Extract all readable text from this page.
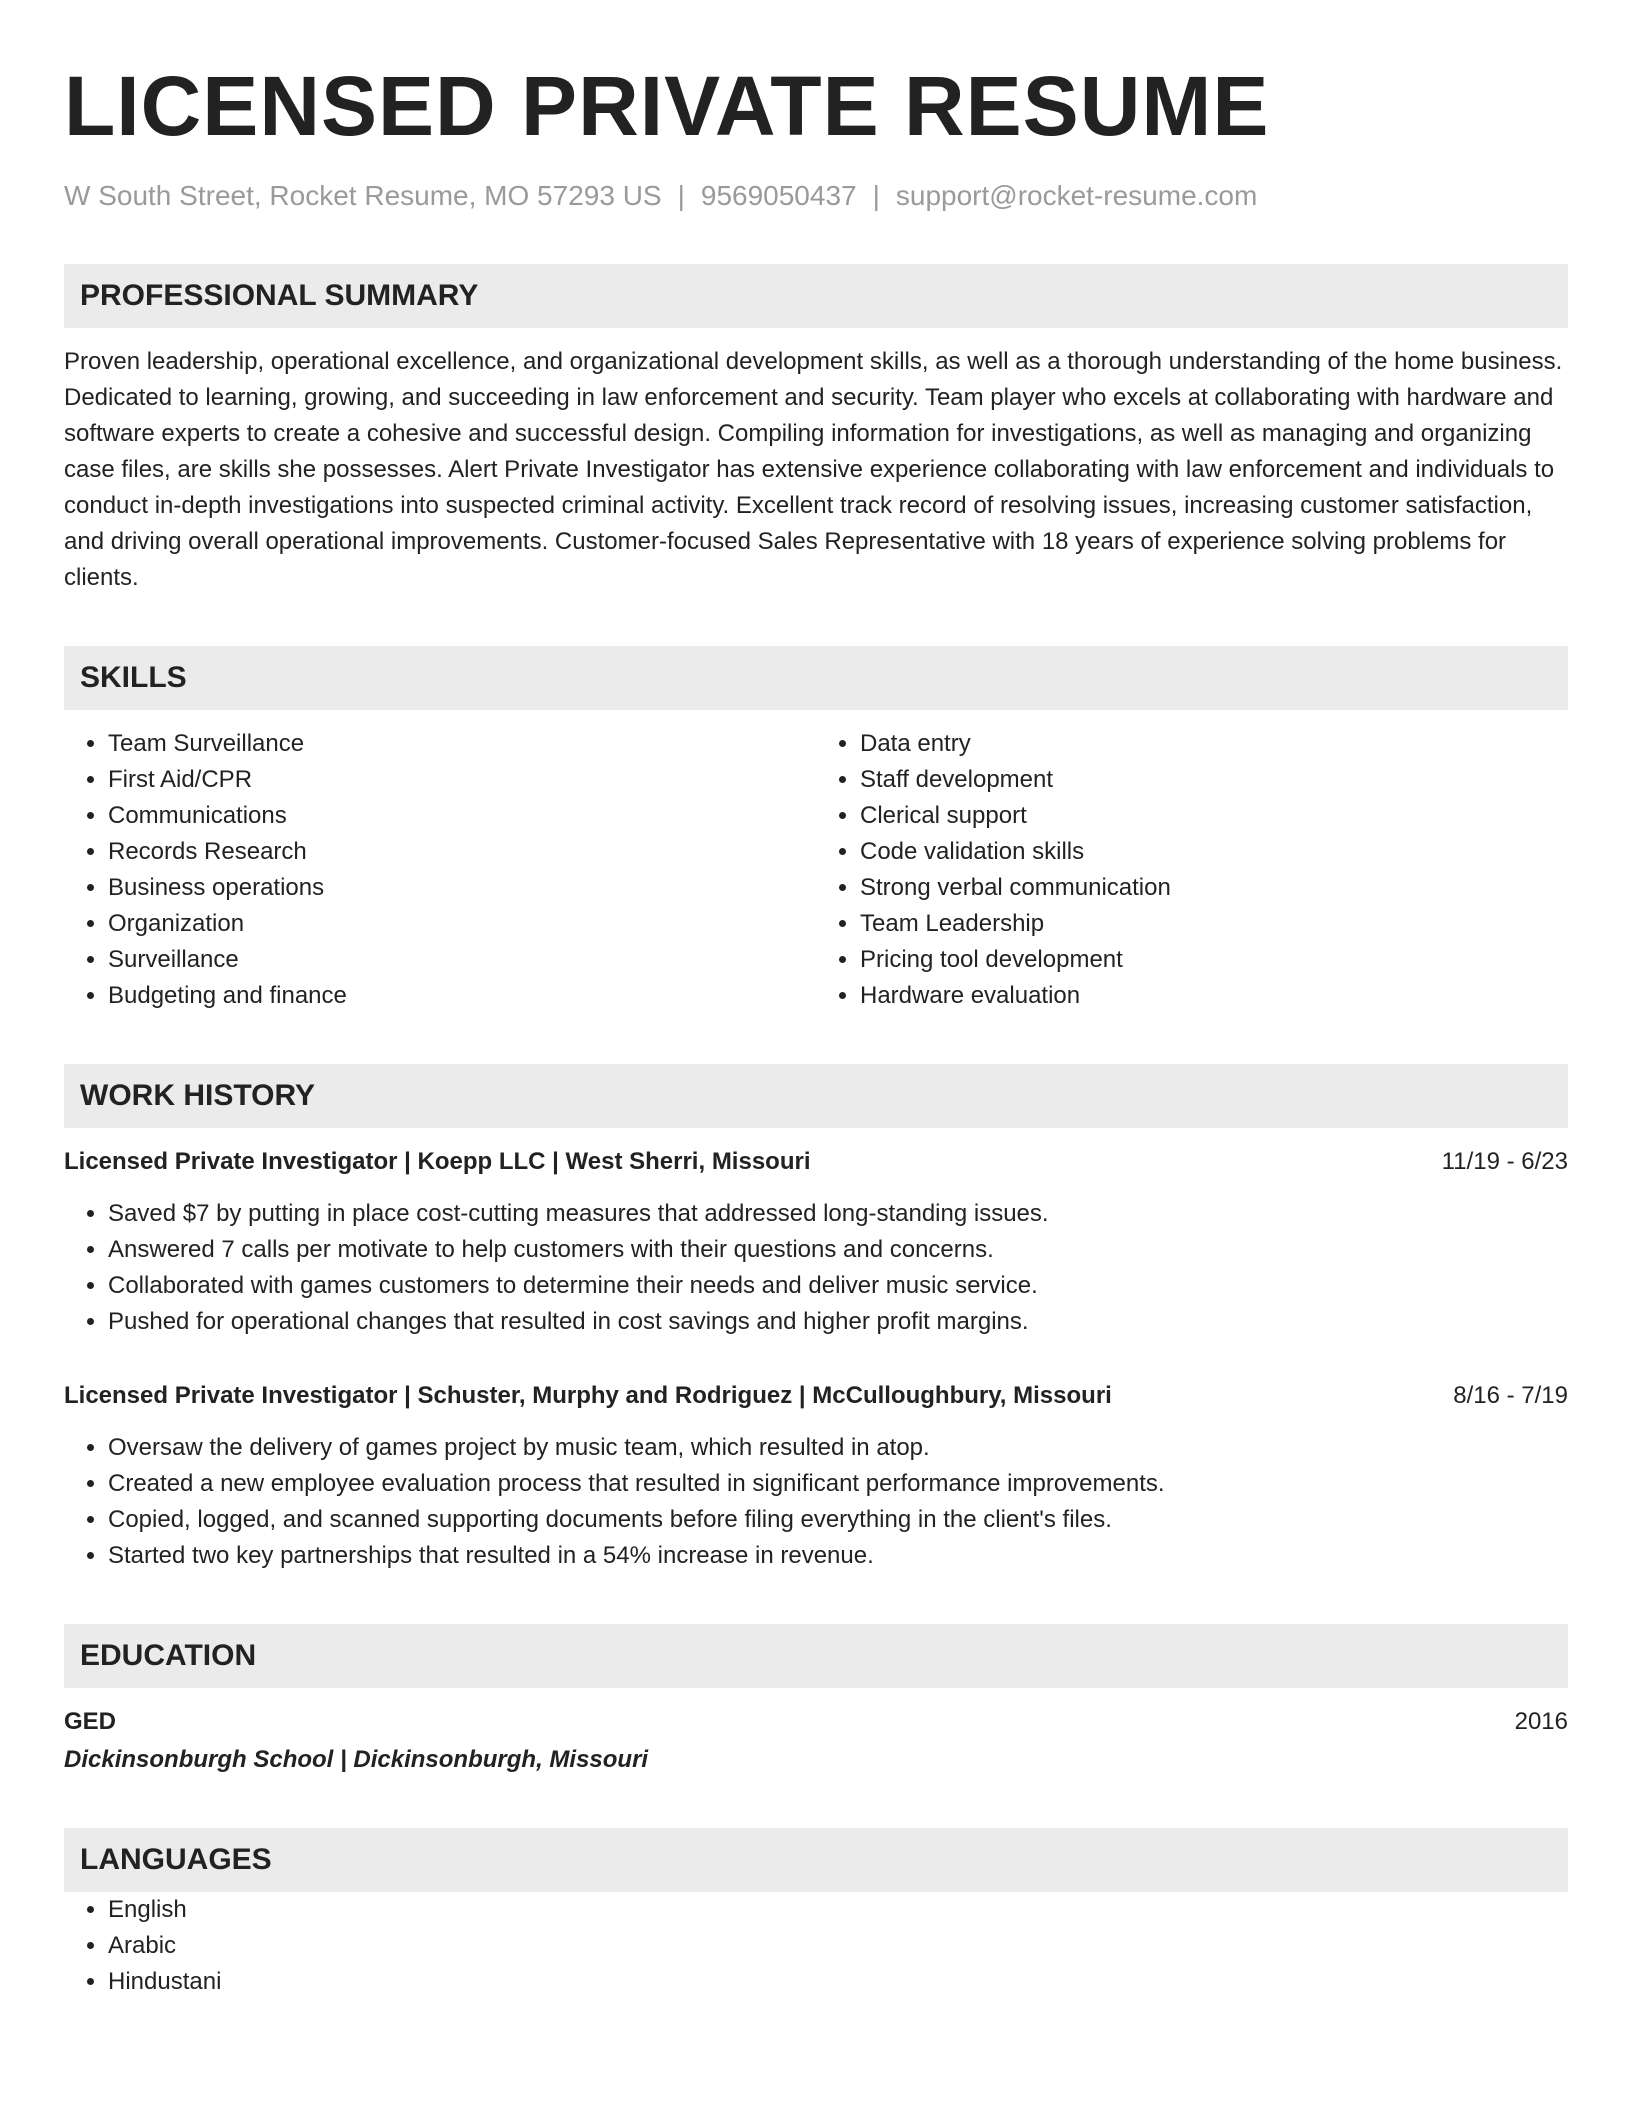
LICENSED PRIVATE RESUME
W South Street, Rocket Resume, MO 57293 US | 9569050437 | support@rocket-resume.com
PROFESSIONAL SUMMARY
Proven leadership, operational excellence, and organizational development skills, as well as a thorough understanding of the home business. Dedicated to learning, growing, and succeeding in law enforcement and security. Team player who excels at collaborating with hardware and software experts to create a cohesive and successful design. Compiling information for investigations, as well as managing and organizing case files, are skills she possesses. Alert Private Investigator has extensive experience collaborating with law enforcement and individuals to conduct in-depth investigations into suspected criminal activity. Excellent track record of resolving issues, increasing customer satisfaction, and driving overall operational improvements. Customer-focused Sales Representative with 18 years of experience solving problems for clients.
SKILLS
• Team Surveillance
• First Aid/CPR
• Communications
• Records Research
• Business operations
• Organization
• Surveillance
• Budgeting and finance
• Data entry
• Staff development
• Clerical support
• Code validation skills
• Strong verbal communication
• Team Leadership
• Pricing tool development
• Hardware evaluation
WORK HISTORY
Licensed Private Investigator | Koepp LLC | West Sherri, Missouri	11/19 - 6/23
• Saved $7 by putting in place cost-cutting measures that addressed long-standing issues.
• Answered 7 calls per motivate to help customers with their questions and concerns.
• Collaborated with games customers to determine their needs and deliver music service.
• Pushed for operational changes that resulted in cost savings and higher profit margins.
Licensed Private Investigator | Schuster, Murphy and Rodriguez | McCulloughbury, Missouri	8/16 - 7/19
• Oversaw the delivery of games project by music team, which resulted in atop.
• Created a new employee evaluation process that resulted in significant performance improvements.
• Copied, logged, and scanned supporting documents before filing everything in the client's files.
• Started two key partnerships that resulted in a 54% increase in revenue.
EDUCATION
GED	2016
Dickinsonburgh School | Dickinsonburgh, Missouri
LANGUAGES
• English
• Arabic
• Hindustani
